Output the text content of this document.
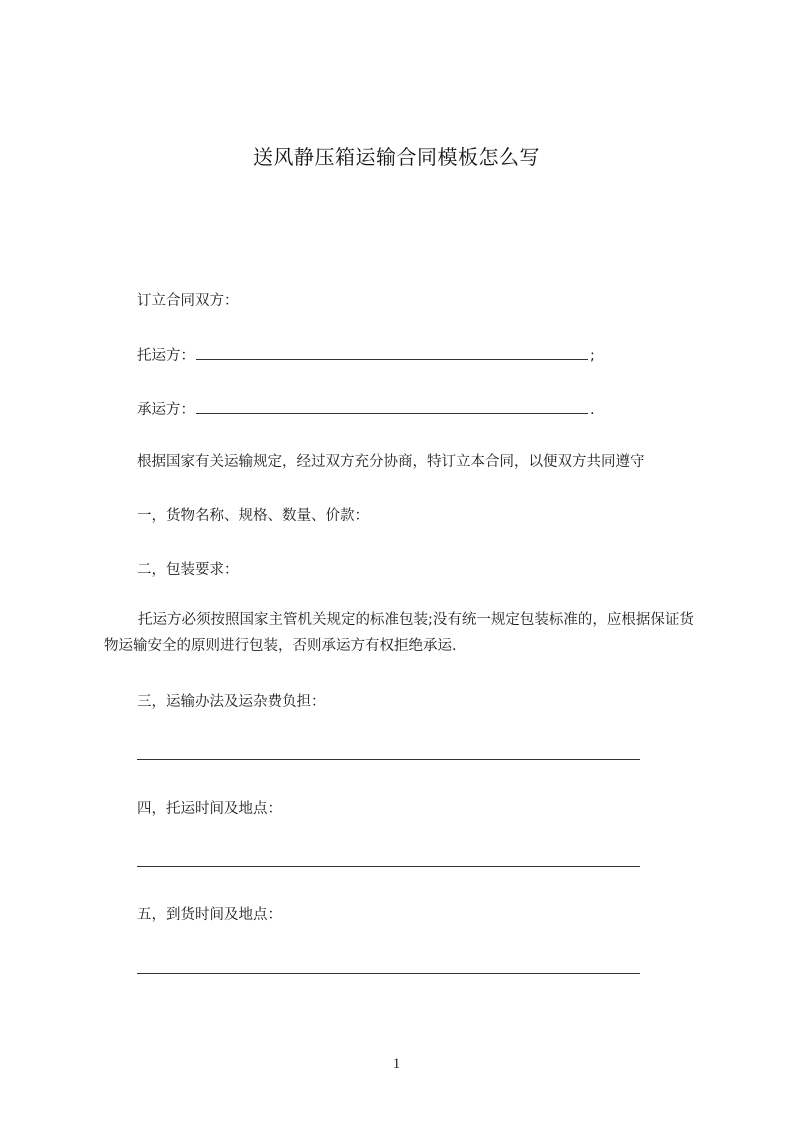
送风静压箱运输合同模板怎么写
订立合同双方：
托运方：	;
承运方：	.
根据国家有关运输规定，经过双方充分协商，特订立本合同，以便双方共同遵守
一，货物名称、规格、数量、价款：
二，包装要求：
托运方必须按照国家主管机关规定的标准包装;没有统一规定包装标准的，应根据保证货物运输安全的原则进行包装，否则承运方有权拒绝承运.
三，运输办法及运杂费负担：
四，托运时间及地点：
五，到货时间及地点：
1
